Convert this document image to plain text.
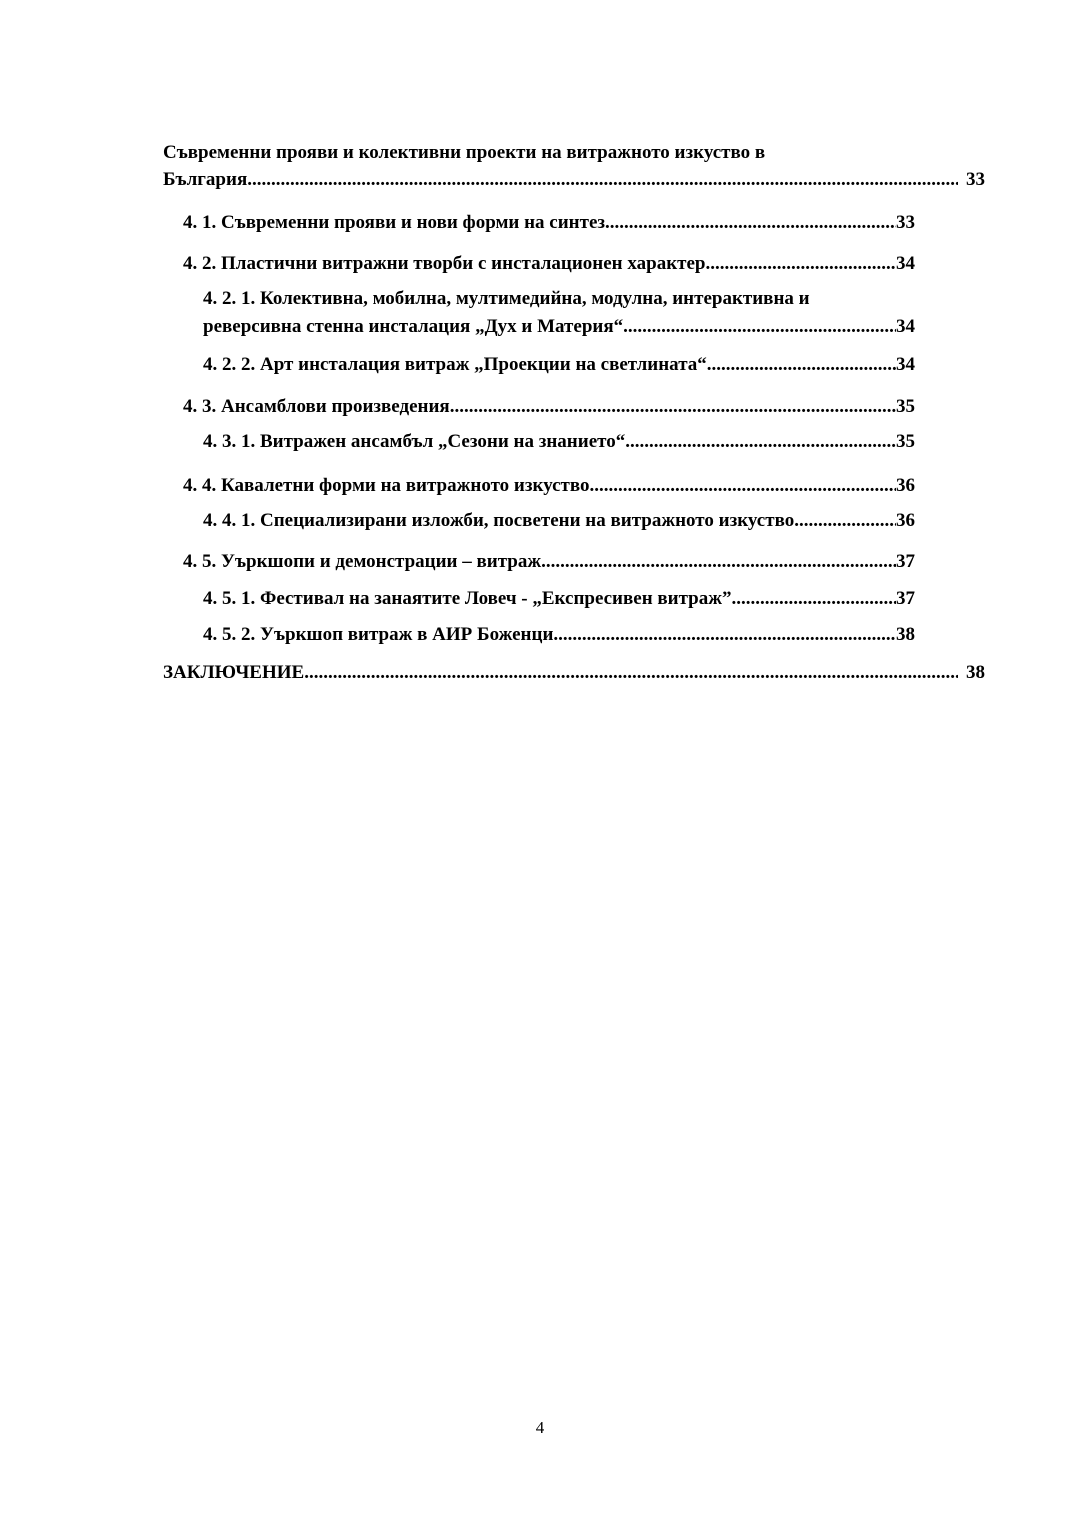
Съвременни прояви и колективни проекти на витражното изкуство в
България .....	33
4. 1. Съвременни прояви и нови форми на синтез .....	33
4. 2. Пластични витражни творби с инсталационен характер .....	34
4. 2. 1. Колективна, мобилна, мултимедийна, модулна, интерактивна и
реверсивна стенна инсталация „Дух и Материя“ .....	34
4. 2. 2. Арт инсталация витраж „Проекции на светлината“ .....	34
4. 3. Ансамблови произведения .....	35
4. 3. 1. Витражен ансамбъл „Сезони на знанието“ .....	35
4. 4. Кавалетни форми на витражното изкуство .....	36
4. 4. 1. Специализирани изложби, посветени на витражното изкуство .....	36
4. 5. Уъркшопи и демонстрации – витраж .....	37
4. 5. 1. Фестивал на занаятите Ловеч - „Експресивен витраж” .....	37
4. 5. 2. Уъркшоп витраж в АИР Боженци .....	38
ЗАКЛЮЧЕНИЕ .....	38
4
